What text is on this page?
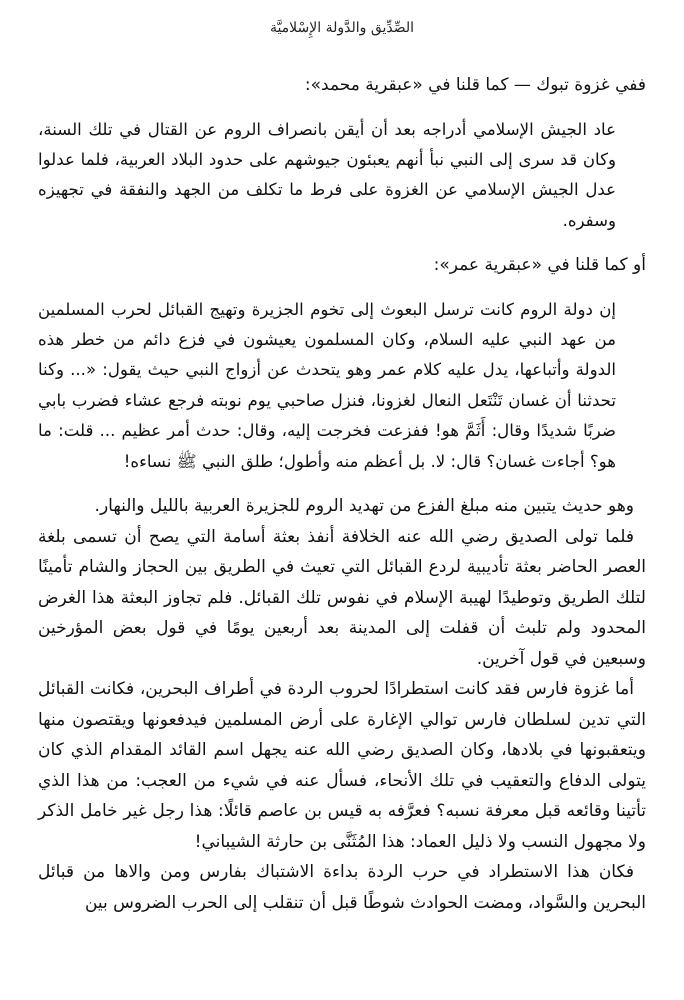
الصِّدِّيق والدَّولة الإِسْلاميَّة

ففي غزوة تبوك — كما قلنا في «عبقرية محمد»:

عاد الجيش الإسلامي أدراجه بعد أن أيقن بانصراف الروم عن القتال في تلك السنة، وكان قد سرى إلى النبي نبأ أنهم يعبئون جيوشهم على حدود البلاد العربية، فلما عدلوا عدل الجيش الإسلامي عن الغزوة على فرط ما تكلف من الجهد والنفقة في تجهيزه وسفره.

أو كما قلنا في «عبقرية عمر»:

إن دولة الروم كانت ترسل البعوث إلى تخوم الجزيرة وتهيج القبائل لحرب المسلمين من عهد النبي عليه السلام، وكان المسلمون يعيشون في فزع دائم من خطر هذه الدولة وأتباعها، يدل عليه كلام عمر وهو يتحدث عن أزواج النبي حيث يقول: «... وكنا تحدثنا أن غسان تَنْتَعل النعال لغزونا، فنزل صاحبي يوم نوبته فرجع عشاء فضرب بابي ضربًا شديدًا وقال: أَثَمَّ هو! ففزعت فخرجت إليه، وقال: حدث أمر عظيم ... قلت: ما هو؟ أجاءت غسان؟ قال: لا. بل أعظم منه وأطول؛ طلق النبي ﷺ نساءه!

وهو حديث يتبين منه مبلغ الفزع من تهديد الروم للجزيرة العربية بالليل والنهار.

فلما تولى الصديق رضي الله عنه الخلافة أنفذ بعثة أسامة التي يصح أن تسمى بلغة العصر الحاضر بعثة تأديبية لردع القبائل التي تعيث في الطريق بين الحجاز والشام تأمينًا لتلك الطريق وتوطيدًا لهيبة الإسلام في نفوس تلك القبائل. فلم تجاوز البعثة هذا الغرض المحدود ولم تلبث أن قفلت إلى المدينة بعد أربعين يومًا في قول بعض المؤرخين وسبعين في قول آخرين.

أما غزوة فارس فقد كانت استطرادًا لحروب الردة في أطراف البحرين، فكانت القبائل التي تدين لسلطان فارس توالي الإغارة على أرض المسلمين فيدفعونها ويقتصون منها ويتعقبونها في بلادها، وكان الصديق رضي الله عنه يجهل اسم القائد المقدام الذي كان يتولى الدفاع والتعقيب في تلك الأنحاء، فسأل عنه في شيء من العجب: من هذا الذي تأتينا وقائعه قبل معرفة نسبه؟ فعرَّفه به قيس بن عاصم قائلًا: هذا رجل غير خامل الذكر ولا مجهول النسب ولا ذليل العماد: هذا المُثَنَّى بن حارثة الشيباني!

فكان هذا الاستطراد في حرب الردة بداءة الاشتباك بفارس ومن والاها من قبائل البحرين والسَّواد، ومضت الحوادث شوطًا قبل أن تنقلب إلى الحرب الضروس بين
